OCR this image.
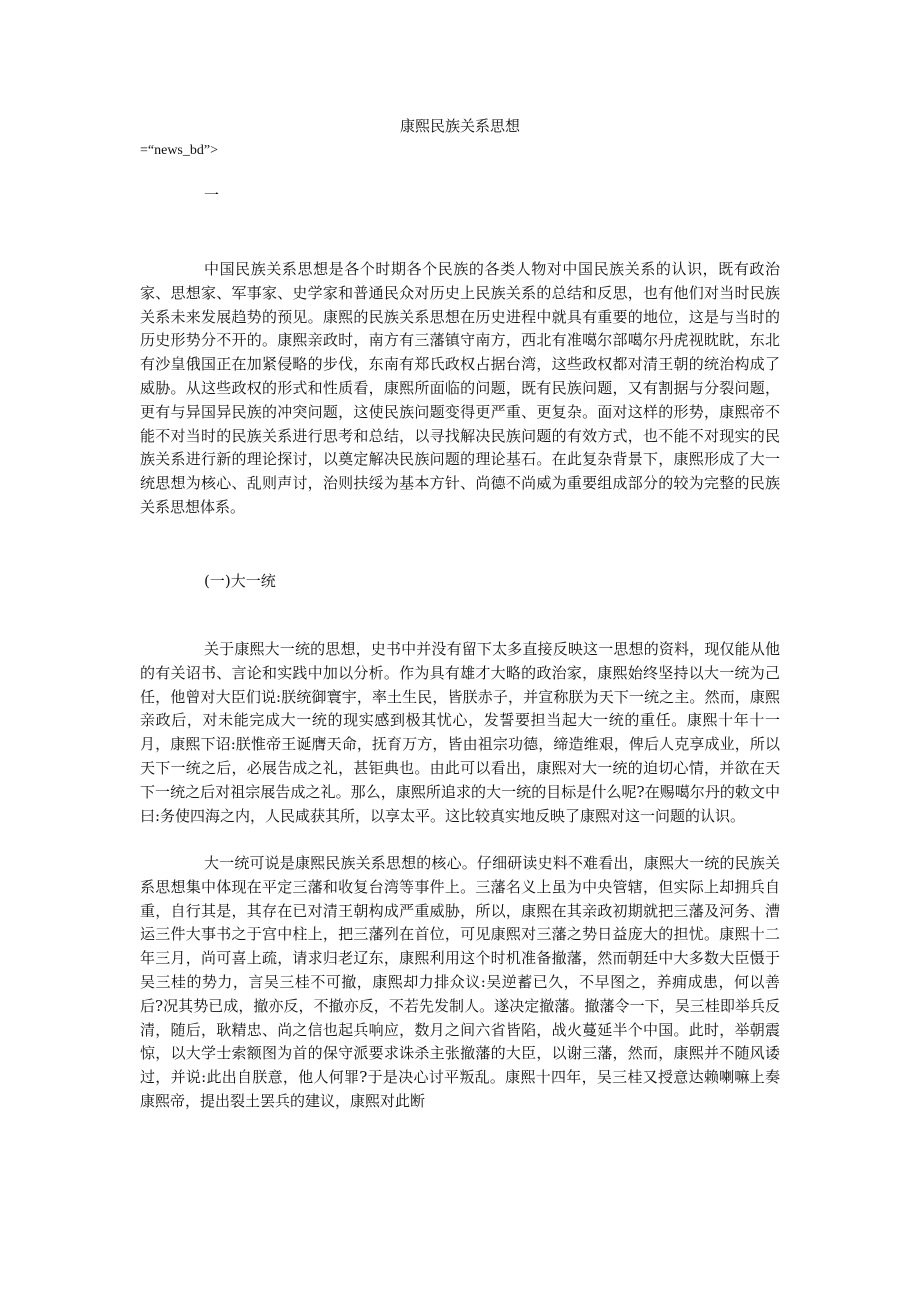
康熙民族关系思想
=“news_bd”>
一

中国民族关系思想是各个时期各个民族的各类人物对中国民族关系的认识，既有政治家、思想家、军事家、史学家和普通民众对历史上民族关系的总结和反思，也有他们对当时民族关系未来发展趋势的预见。康熙的民族关系思想在历史进程中就具有重要的地位，这是与当时的历史形势分不开的。康熙亲政时，南方有三藩镇守南方，西北有准噶尔部噶尔丹虎视眈眈，东北有沙皇俄国正在加紧侵略的步伐，东南有郑氏政权占据台湾，这些政权都对清王朝的统治构成了威胁。从这些政权的形式和性质看，康熙所面临的问题，既有民族问题，又有割据与分裂问题，更有与异国异民族的冲突问题，这使民族问题变得更严重、更复杂。面对这样的形势，康熙帝不能不对当时的民族关系进行思考和总结，以寻找解决民族问题的有效方式，也不能不对现实的民族关系进行新的理论探讨，以奠定解决民族问题的理论基石。在此复杂背景下，康熙形成了大一统思想为核心、乱则声讨，治则扶绥为基本方针、尚德不尚威为重要组成部分的较为完整的民族关系思想体系。

(一)大一统

关于康熙大一统的思想，史书中并没有留下太多直接反映这一思想的资料，现仅能从他的有关诏书、言论和实践中加以分析。作为具有雄才大略的政治家，康熙始终坚持以大一统为己任，他曾对大臣们说:朕统御寰宇，率土生民，皆朕赤子，并宣称朕为天下一统之主。然而，康熙亲政后，对未能完成大一统的现实感到极其忧心，发誓要担当起大一统的重任。康熙十年十一月，康熙下诏:朕惟帝王诞膺天命，抚育万方，皆由祖宗功德，缔造维艰，俾后人克享成业，所以天下一统之后，必展告成之礼，甚钜典也。由此可以看出，康熙对大一统的迫切心情，并欲在天下一统之后对祖宗展告成之礼。那么，康熙所追求的大一统的目标是什么呢?在赐噶尔丹的敕文中曰:务使四海之内，人民咸获其所，以享太平。这比较真实地反映了康熙对这一问题的认识。

大一统可说是康熙民族关系思想的核心。仔细研读史料不难看出，康熙大一统的民族关系思想集中体现在平定三藩和收复台湾等事件上。三藩名义上虽为中央管辖，但实际上却拥兵自重，自行其是，其存在已对清王朝构成严重威胁，所以，康熙在其亲政初期就把三藩及河务、漕运三件大事书之于宫中柱上，把三藩列在首位，可见康熙对三藩之势日益庞大的担忧。康熙十二年三月，尚可喜上疏，请求归老辽东，康熙利用这个时机准备撤藩，然而朝廷中大多数大臣慑于吴三桂的势力，言吴三桂不可撤，康熙却力排众议:吴逆蓄已久，不早图之，养痈成患，何以善后?况其势已成，撤亦反，不撤亦反，不若先发制人。遂决定撤藩。撤藩令一下，吴三桂即举兵反清，随后，耿精忠、尚之信也起兵响应，数月之间六省皆陷，战火蔓延半个中国。此时，举朝震惊，以大学士索额图为首的保守派要求诛杀主张撤藩的大臣，以谢三藩，然而，康熙并不随风诿过，并说:此出自朕意，他人何罪?于是决心讨平叛乱。康熙十四年，吴三桂又授意达赖喇嘛上奏康熙帝，提出裂土罢兵的建议，康熙对此断
